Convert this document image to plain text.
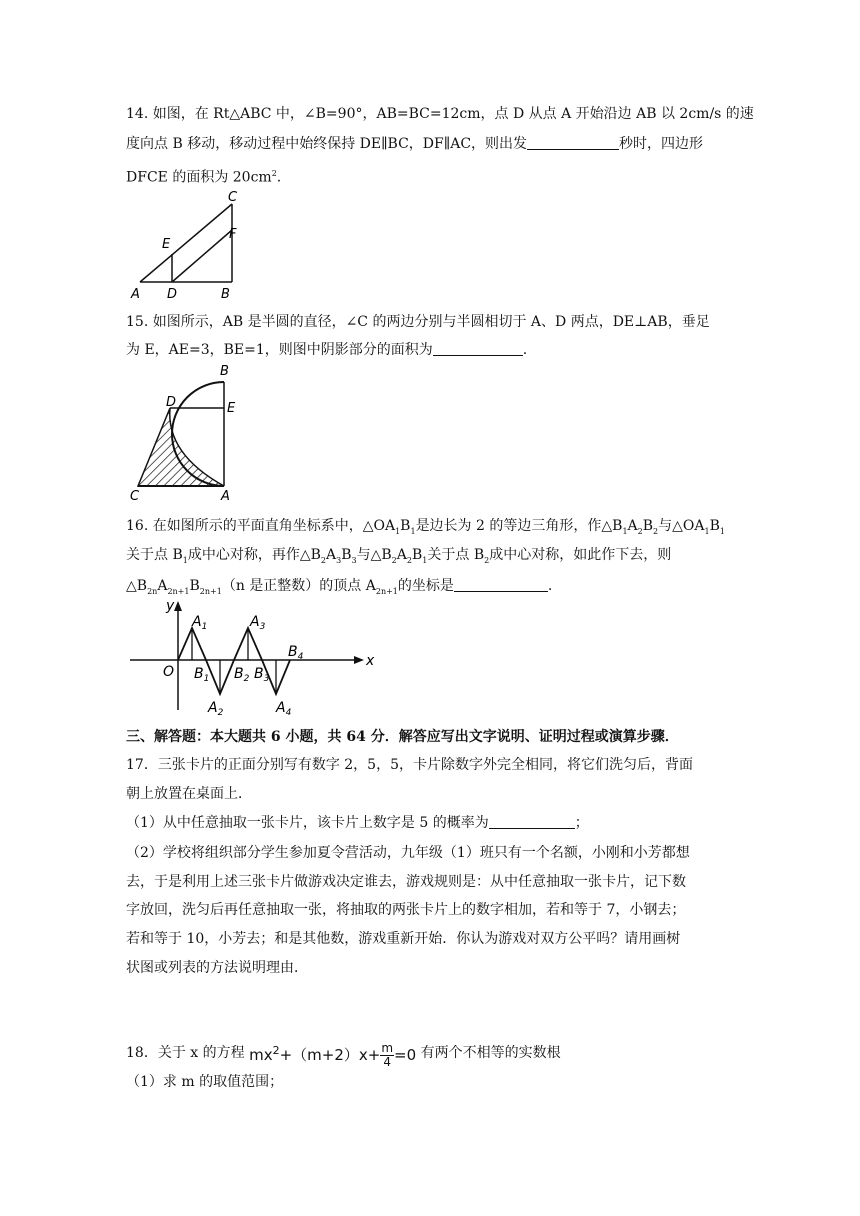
14. 如图，在 Rt△ABC 中，∠B=90°，AB=BC=12cm，点 D 从点 A 开始沿边 AB 以 2cm/s 的速
度向点 B 移动，移动过程中始终保持 DE∥BC，DF∥AC，则出发	秒时，四边形
DFCE 的面积为 $20cm^2$.
C
F
E
A D	B
15. 如图所示，AB 是半圆的直径，∠C 的两边分别与半圆相切于 A、D 两点，DE⊥AB，垂足
为 E，AE=3，BE=1，则图中阴影部分的面积为	.
B
D	E
C	A
16. 在如图所示的平面直角坐标系中，$\triangle OA_1B_1$是边长为 2 的等边三角形，作$\triangle B_1A_2B_2$与$\triangle OA_1B_1$
关于点 $B_1$成中心对称，再作$\triangle B_2A_3B_3$与$\triangle B_2A_2B_1$关于点 $B_2$成中心对称，如此作下去，则
$\triangle B_{2n}A_{2n+1}B_{2n+1}(n$ 是正整数）的顶点 $A_{2n+1}$的坐标是	.
y
x
O
$A_1$
$B_1$
$A_2$
$B_2$
$A_3$
$B_3$
$A_4$
$B_4$
三、解答题：本大题共 6 小题，共 64 分．解答应写出文字说明、证明过程或演算步骤．
17．三张卡片的正面分别写有数字 2，5，5，卡片除数字外完全相同，将它们洗匀后，背面
朝上放置在桌面上．
（1）从中任意抽取一张卡片，该卡片上数字是 5 的概率为	；
（2）学校将组织部分学生参加夏令营活动，九年级（1）班只有一个名额，小刚和小芳都想
去，于是利用上述三张卡片做游戏决定谁去，游戏规则是：从中任意抽取一张卡片，记下数
字放回，洗匀后再任意抽取一张，将抽取的两张卡片上的数字相加，若和等于 7，小钢去；
若和等于 10，小芳去；和是其他数，游戏重新开始．你认为游戏对双方公平吗？请用画树
状图或列表的方法说明理由．
18．关于 x 的方程 $mx^2+(m+2)x+ \frac{m}{4} =0$ 有两个不相等的实数根
（1）求 m 的取值范围；
